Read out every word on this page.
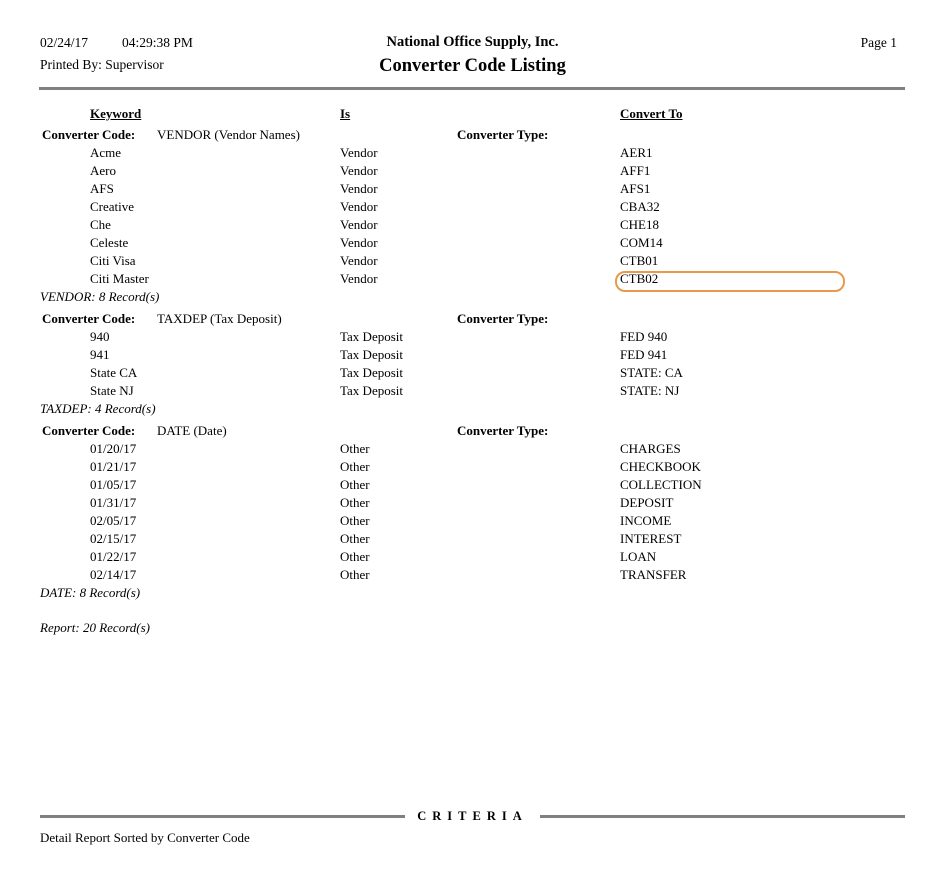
02/24/17	04:29:38 PM	National Office Supply, Inc.	Page 1
Printed By: Supervisor	Converter Code Listing
Keyword	Is	Convert To
Converter Code: VENDOR (Vendor Names)	Converter Type:
Acme	Vendor	AER1
Aero	Vendor	AFF1
AFS	Vendor	AFS1
Creative	Vendor	CBA32
Che	Vendor	CHE18
Celeste	Vendor	COM14
Citi Visa	Vendor	CTB01
Citi Master	Vendor	CTB02
VENDOR: 8 Record(s)
Converter Code: TAXDEP (Tax Deposit)	Converter Type:
940	Tax Deposit	FED 940
941	Tax Deposit	FED 941
State CA	Tax Deposit	STATE: CA
State NJ	Tax Deposit	STATE: NJ
TAXDEP: 4 Record(s)
Converter Code: DATE (Date)	Converter Type:
01/20/17	Other	CHARGES
01/21/17	Other	CHECKBOOK
01/05/17	Other	COLLECTION
01/31/17	Other	DEPOSIT
02/05/17	Other	INCOME
02/15/17	Other	INTEREST
01/22/17	Other	LOAN
02/14/17	Other	TRANSFER
DATE: 8 Record(s)
Report: 20 Record(s)
CRITERIA
Detail Report Sorted by Converter Code
